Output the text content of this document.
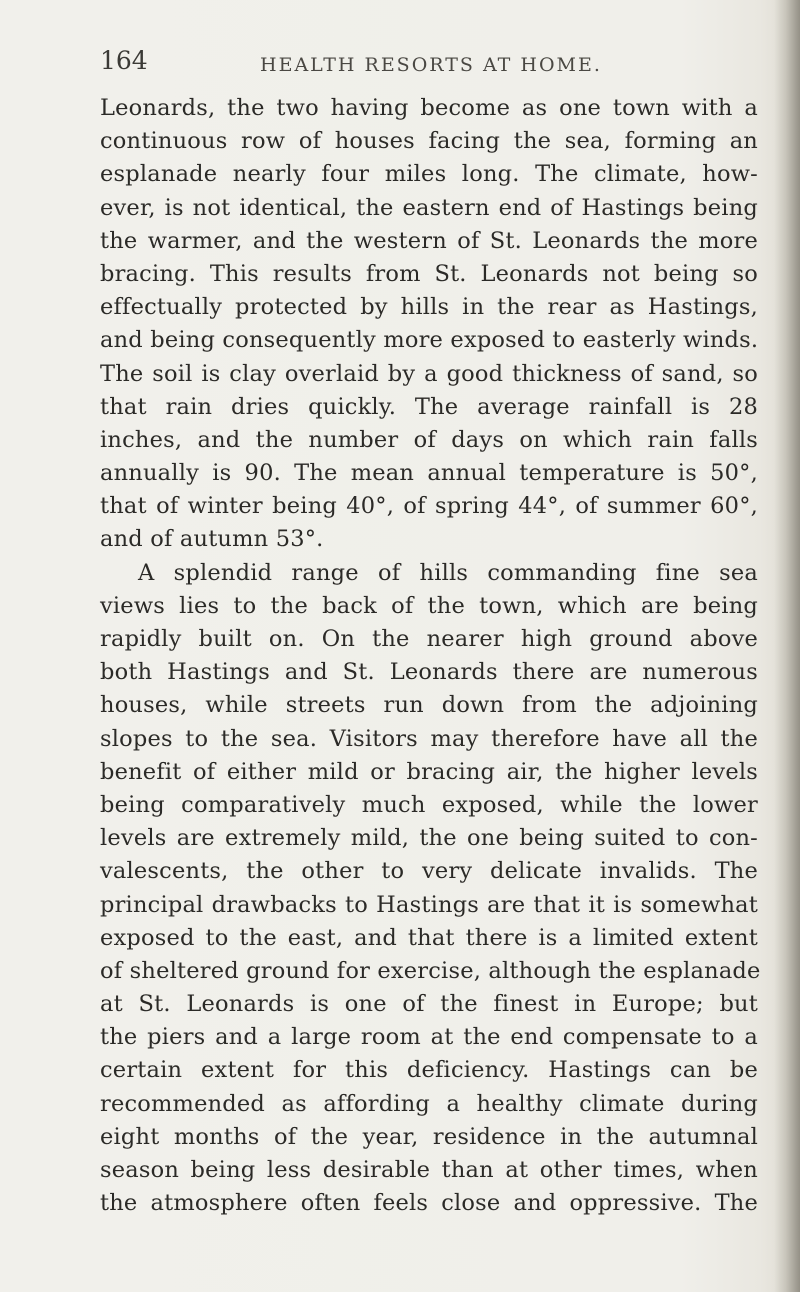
164	HEALTH RESORTS AT HOME.
Leonards, the two having become as one town with a
continuous row of houses facing the sea, forming an
esplanade nearly four miles long. The climate, how-
ever, is not identical, the eastern end of Hastings being
the warmer, and the western of St. Leonards the more
bracing. This results from St. Leonards not being so
effectually protected by hills in the rear as Hastings,
and being consequently more exposed to easterly winds.
The soil is clay overlaid by a good thickness of sand, so
that rain dries quickly. The average rainfall is 28
inches, and the number of days on which rain falls
annually is 90. The mean annual temperature is 50°,
that of winter being 40°, of spring 44°, of summer 60°,
and of autumn 53°.
A splendid range of hills commanding fine sea
views lies to the back of the town, which are being
rapidly built on. On the nearer high ground above
both Hastings and St. Leonards there are numerous
houses, while streets run down from the adjoining
slopes to the sea. Visitors may therefore have all the
benefit of either mild or bracing air, the higher levels
being comparatively much exposed, while the lower
levels are extremely mild, the one being suited to con-
valescents, the other to very delicate invalids. The
principal drawbacks to Hastings are that it is somewhat
exposed to the east, and that there is a limited extent
of sheltered ground for exercise, although the esplanade
at St. Leonards is one of the finest in Europe; but
the piers and a large room at the end compensate to a
certain extent for this deficiency. Hastings can be
recommended as affording a healthy climate during
eight months of the year, residence in the autumnal
season being less desirable than at other times, when
the atmosphere often feels close and oppressive. The
